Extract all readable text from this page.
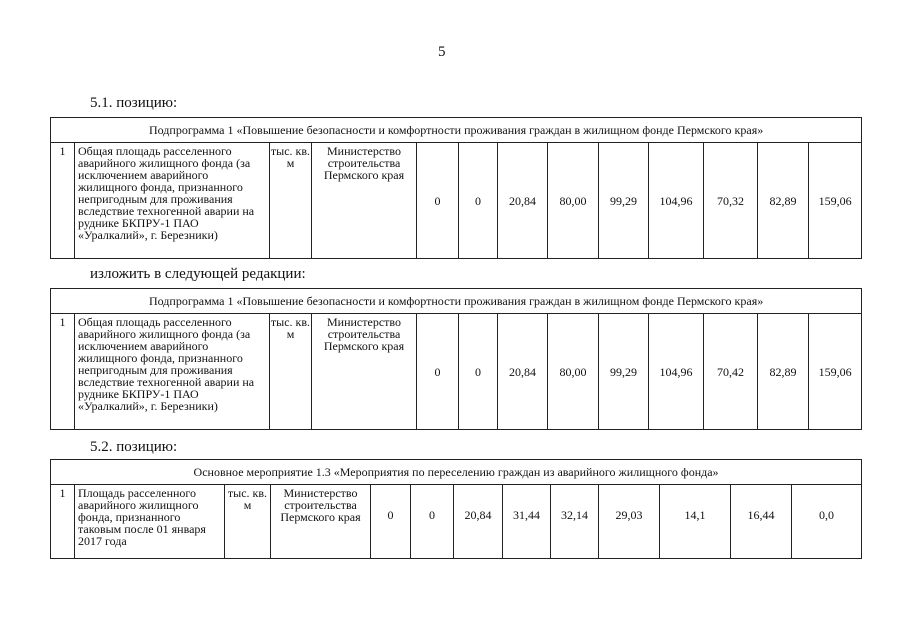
5
5.1. позицию:
Подпрограмма 1 «Повышение безопасности и комфортности проживания граждан в жилищном фонде Пермского края»
1	Общая площадь расселенного аварийного жилищного фонда (за исключением аварийного жилищного фонда, признанного непригодным для проживания вследствие техногенной аварии на руднике БКПРУ-1 ПАО «Уралкалий», г. Березники)	тыс. кв. м	Министерство строительства Пермского края	0	0	20,84	80,00	99,29	104,96	70,32	82,89	159,06
изложить в следующей редакции:
Подпрограмма 1 «Повышение безопасности и комфортности проживания граждан в жилищном фонде Пермского края»
1	Общая площадь расселенного аварийного жилищного фонда (за исключением аварийного жилищного фонда, признанного непригодным для проживания вследствие техногенной аварии на руднике БКПРУ-1 ПАО «Уралкалий», г. Березники)	тыс. кв. м	Министерство строительства Пермского края	0	0	20,84	80,00	99,29	104,96	70,42	82,89	159,06
5.2. позицию:
Основное мероприятие 1.3 «Мероприятия по переселению граждан из аварийного жилищного фонда»
1	Площадь расселенного аварийного жилищного фонда, признанного таковым после 01 января 2017 года	тыс. кв. м	Министерство строительства Пермского края	0	0	20,84	31,44	32,14	29,03	14,1	16,44	0,0
